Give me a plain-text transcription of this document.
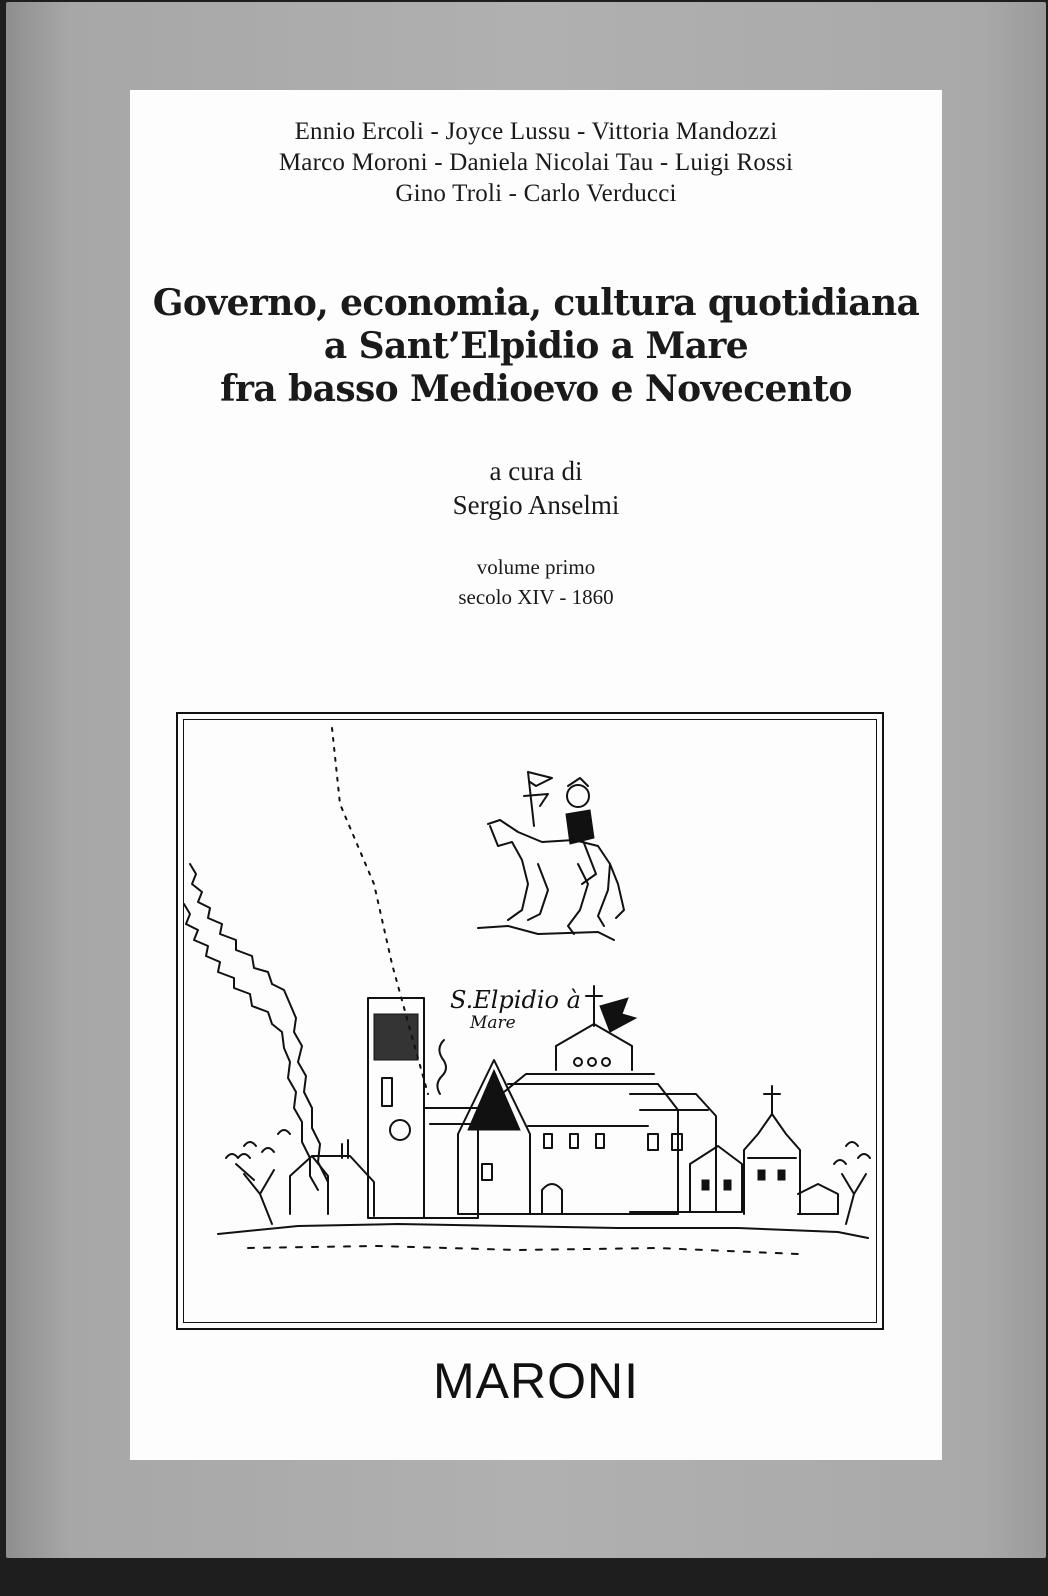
Ennio Ercoli - Joyce Lussu - Vittoria Mandozzi
Marco Moroni - Daniela Nicolai Tau - Luigi Rossi
Gino Troli - Carlo Verducci
Governo, economia, cultura quotidiana
a Sant’Elpidio a Mare
fra basso Medioevo e Novecento
a cura di
Sergio Anselmi
volume primo
secolo XIV - 1860
S.Elpidio à
Mare
MARONI
